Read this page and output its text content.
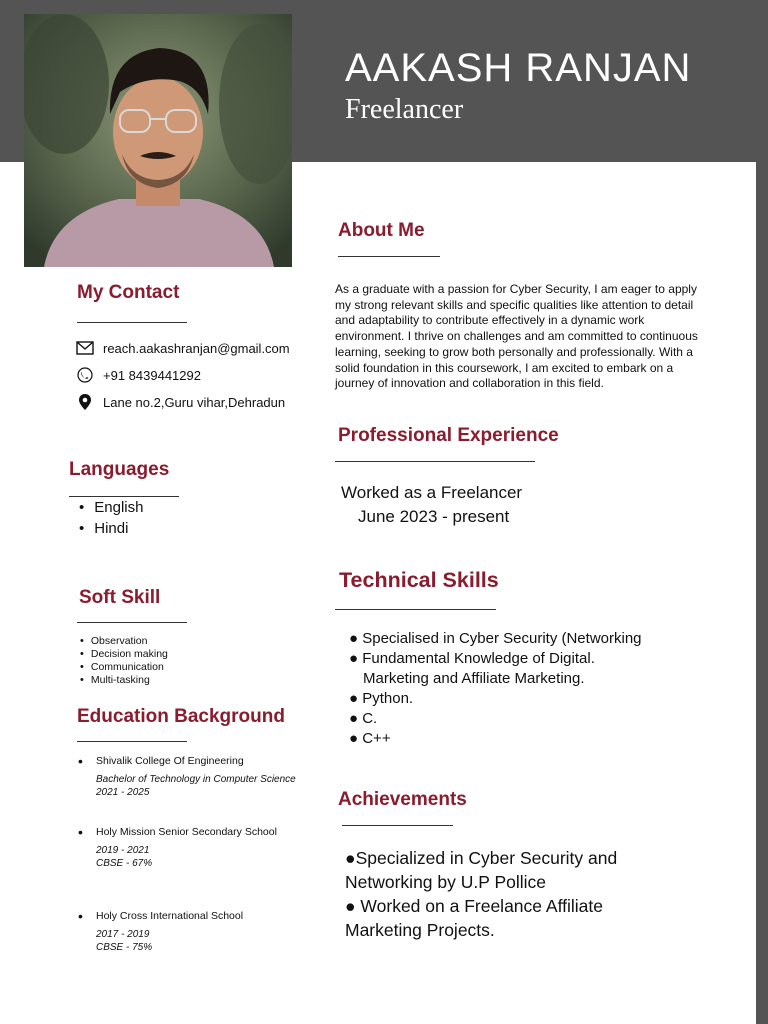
AAKASH RANJAN
Freelancer
My Contact
reach.aakashranjan@gmail.com
+91 8439441292
Lane no.2,Guru vihar,Dehradun
Languages
• English
• Hindi
Soft Skill
• Observation
• Decision making
• Communication
• Multi-tasking
Education Background
• Shivalik College Of Engineering
Bachelor of Technology in Computer Science
2021 - 2025
• Holy Mission Senior Secondary School
2019 - 2021
CBSE - 67%
• Holy Cross International School
2017 - 2019
CBSE - 75%
About Me
As a graduate with a passion for Cyber Security, I am eager to apply my strong relevant skills and specific qualities like attention to detail and adaptability to contribute effectively in a dynamic work environment. I thrive on challenges and am committed to continuous learning, seeking to grow both personally and professionally. With a solid foundation in this coursework, I am excited to embark on a journey of innovation and collaboration in this field.
Professional Experience
Worked as a Freelancer
June 2023 - present
Technical Skills
● Specialised in Cyber Security (Networking
● Fundamental Knowledge of Digital.
Marketing and Affiliate Marketing.
● Python.
● C.
● C++
Achievements
●Specialized in Cyber Security and
Networking by U.P Pollice
● Worked on a Freelance Affiliate
Marketing Projects.
